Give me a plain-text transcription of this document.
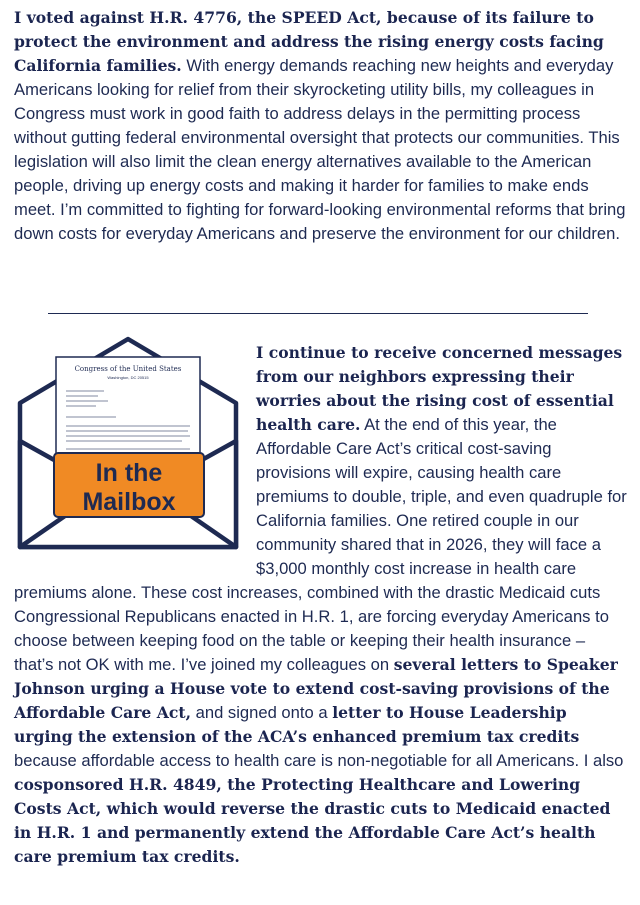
I voted against H.R. 4776, the SPEED Act, because of its failure to protect the environment and address the rising energy costs facing California families. With energy demands reaching new heights and everyday Americans looking for relief from their skyrocketing utility bills, my colleagues in Congress must work in good faith to address delays in the permitting process without gutting federal environmental oversight that protects our communities. This legislation will also limit the clean energy alternatives available to the American people, driving up energy costs and making it harder for families to make ends meet. I’m committed to fighting for forward-looking environmental reforms that bring down costs for everyday Americans and preserve the environment for our children.

Congress of the United States
Washington, DC 20515
In the
Mailbox

I continue to receive concerned messages from our neighbors expressing their worries about the rising cost of essential health care. At the end of this year, the Affordable Care Act’s critical cost-saving provisions will expire, causing health care premiums to double, triple, and even quadruple for California families. One retired couple in our community shared that in 2026, they will face a $3,000 monthly cost increase in health care premiums alone. These cost increases, combined with the drastic Medicaid cuts Congressional Republicans enacted in H.R. 1, are forcing everyday Americans to choose between keeping food on the table or keeping their health insurance – that’s not OK with me. I’ve joined my colleagues on several letters to Speaker Johnson urging a House vote to extend cost-saving provisions of the Affordable Care Act, and signed onto a letter to House Leadership urging the extension of the ACA’s enhanced premium tax credits because affordable access to health care is non-negotiable for all Americans. I also cosponsored H.R. 4849, the Protecting Healthcare and Lowering Costs Act, which would reverse the drastic cuts to Medicaid enacted in H.R. 1 and permanently extend the Affordable Care Act’s health care premium tax credits.
